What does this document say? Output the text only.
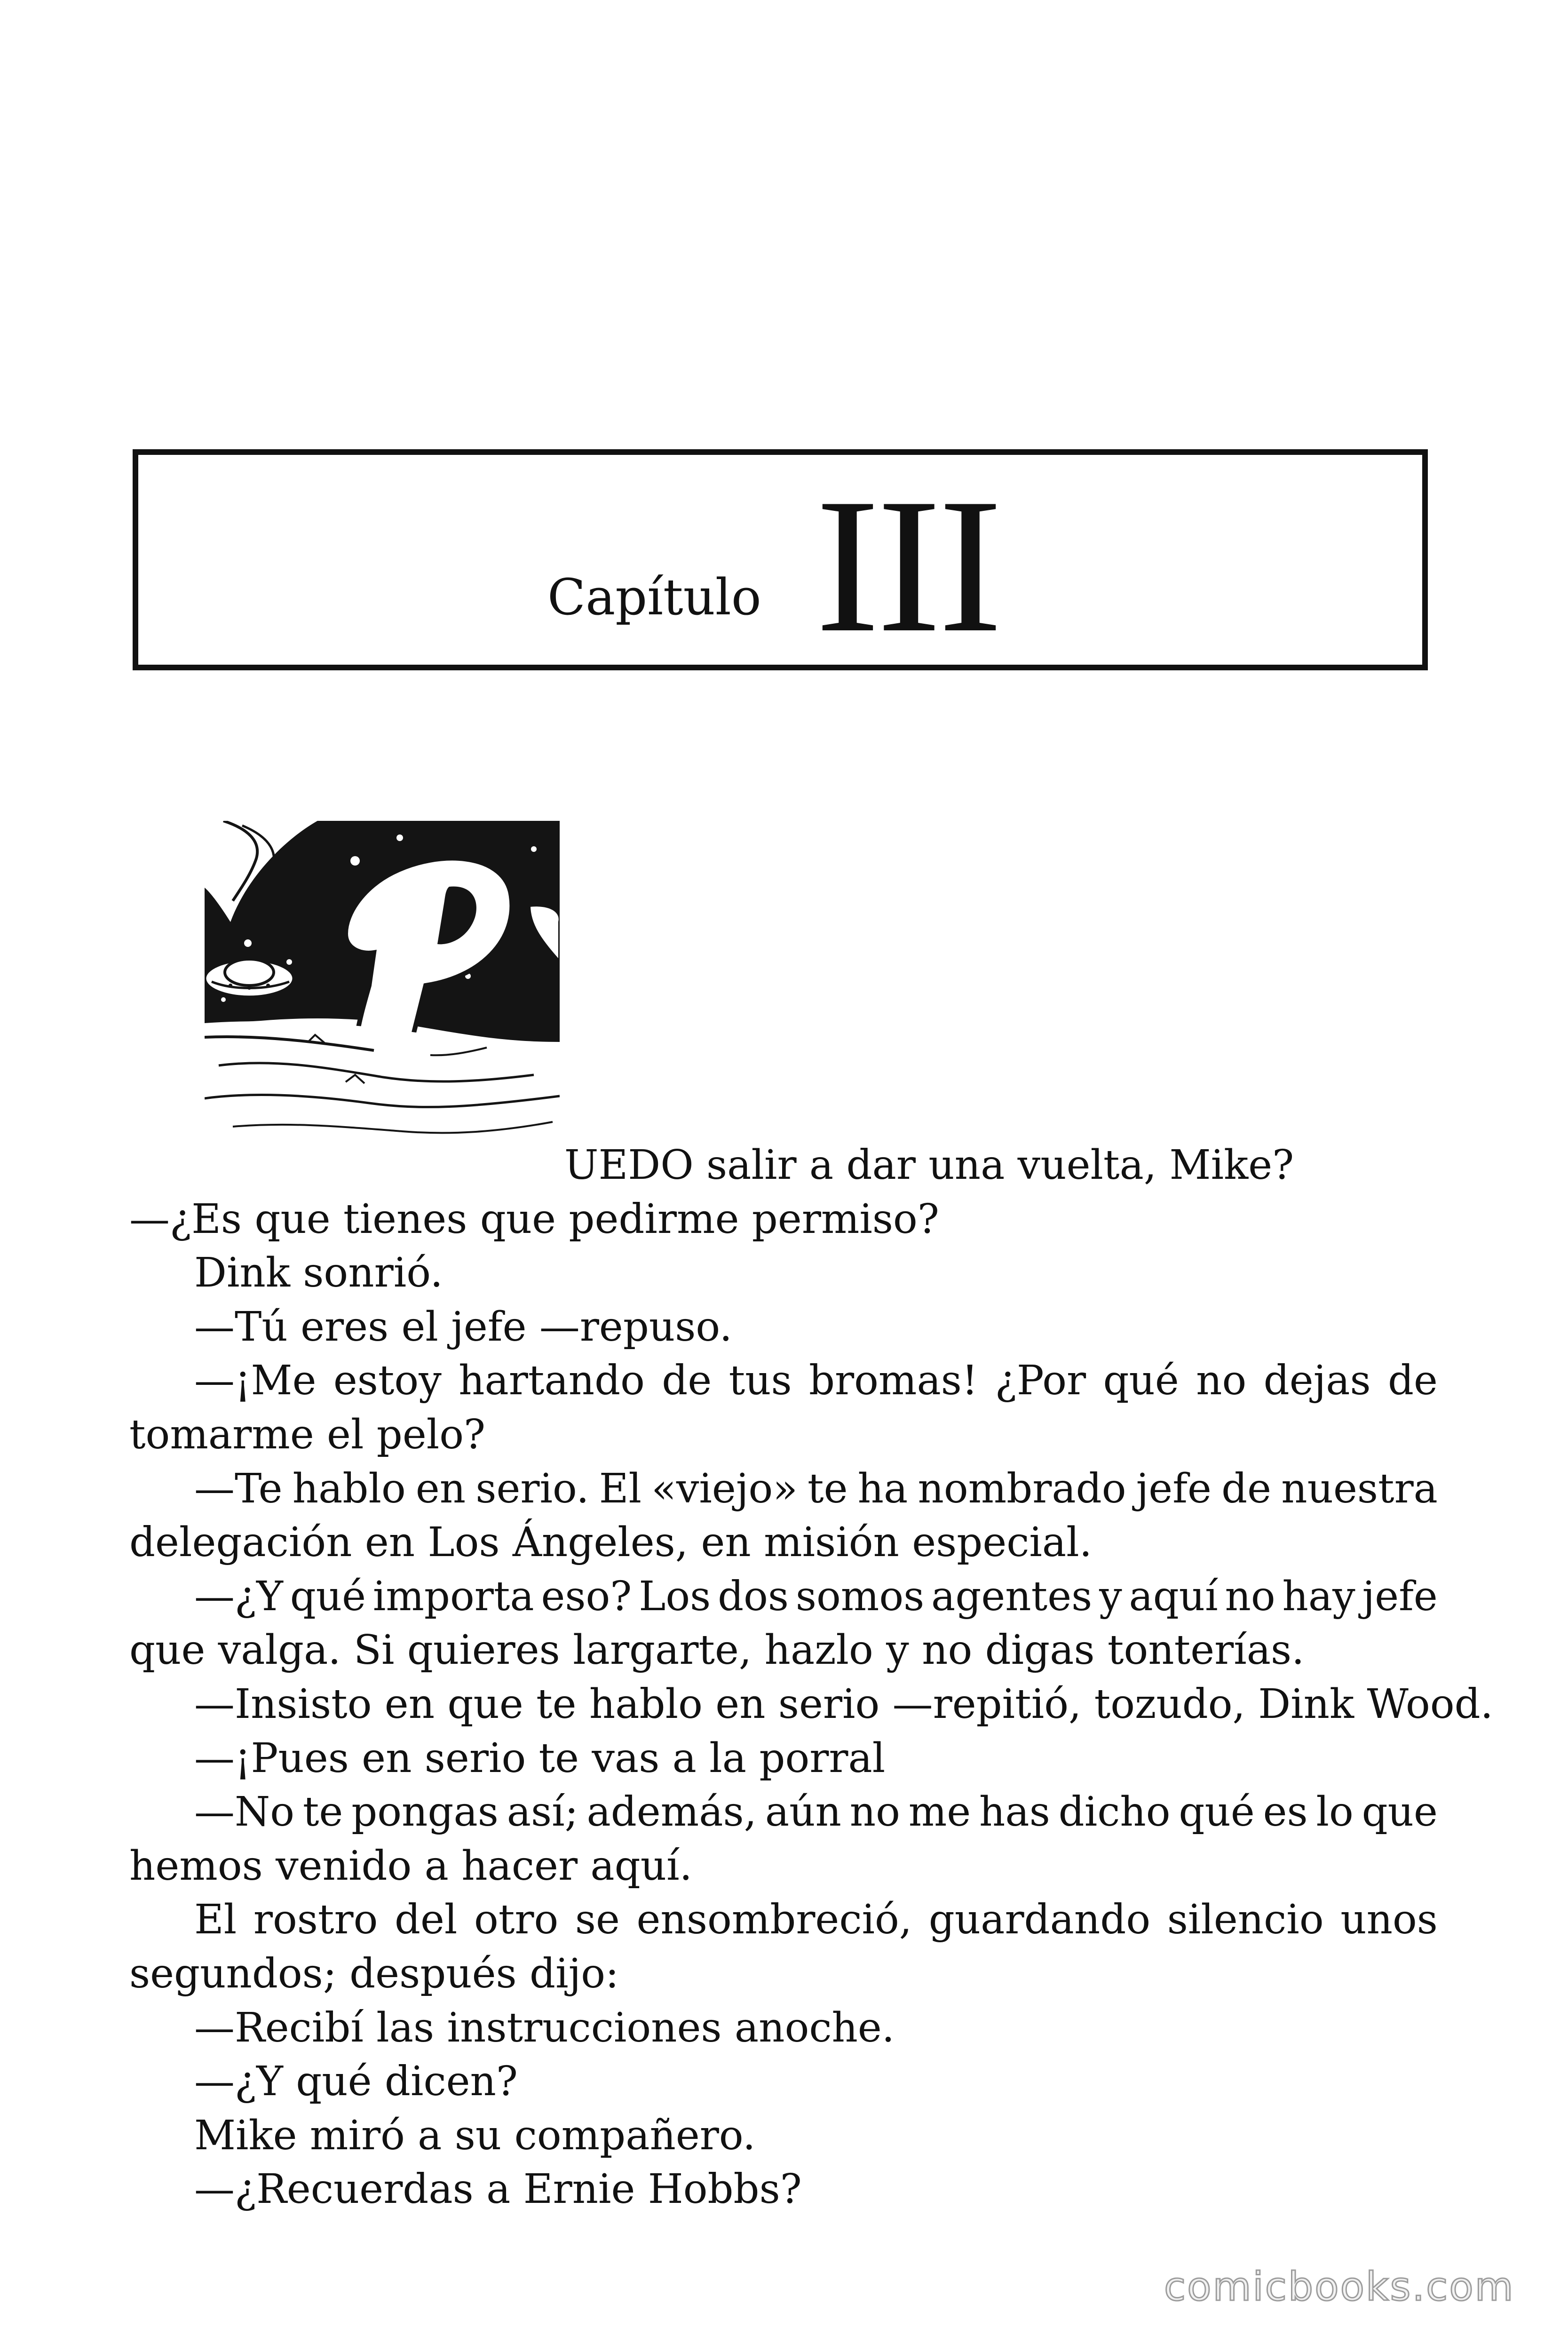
Capítulo III
UEDO salir a dar una vuelta, Mike?
—¿Es que tienes que pedirme permiso?
Dink sonrió.
—Tú eres el jefe —repuso.
—¡Me estoy hartando de tus bromas! ¿Por qué no dejas de
tomarme el pelo?
—Te hablo en serio. El «viejo» te ha nombrado jefe de nuestra
delegación en Los Ángeles, en misión especial.
—¿Y qué importa eso? Los dos somos agentes y aquí no hay jefe
que valga. Si quieres largarte, hazlo y no digas tonterías.
—Insisto en que te hablo en serio —repitió, tozudo, Dink Wood.
—¡Pues en serio te vas a la porral
—No te pongas así; además, aún no me has dicho qué es lo que
hemos venido a hacer aquí.
El rostro del otro se ensombreció, guardando silencio unos
segundos; después dijo:
—Recibí las instrucciones anoche.
—¿Y qué dicen?
Mike miró a su compañero.
—¿Recuerdas a Ernie Hobbs?
comicbooks.com
